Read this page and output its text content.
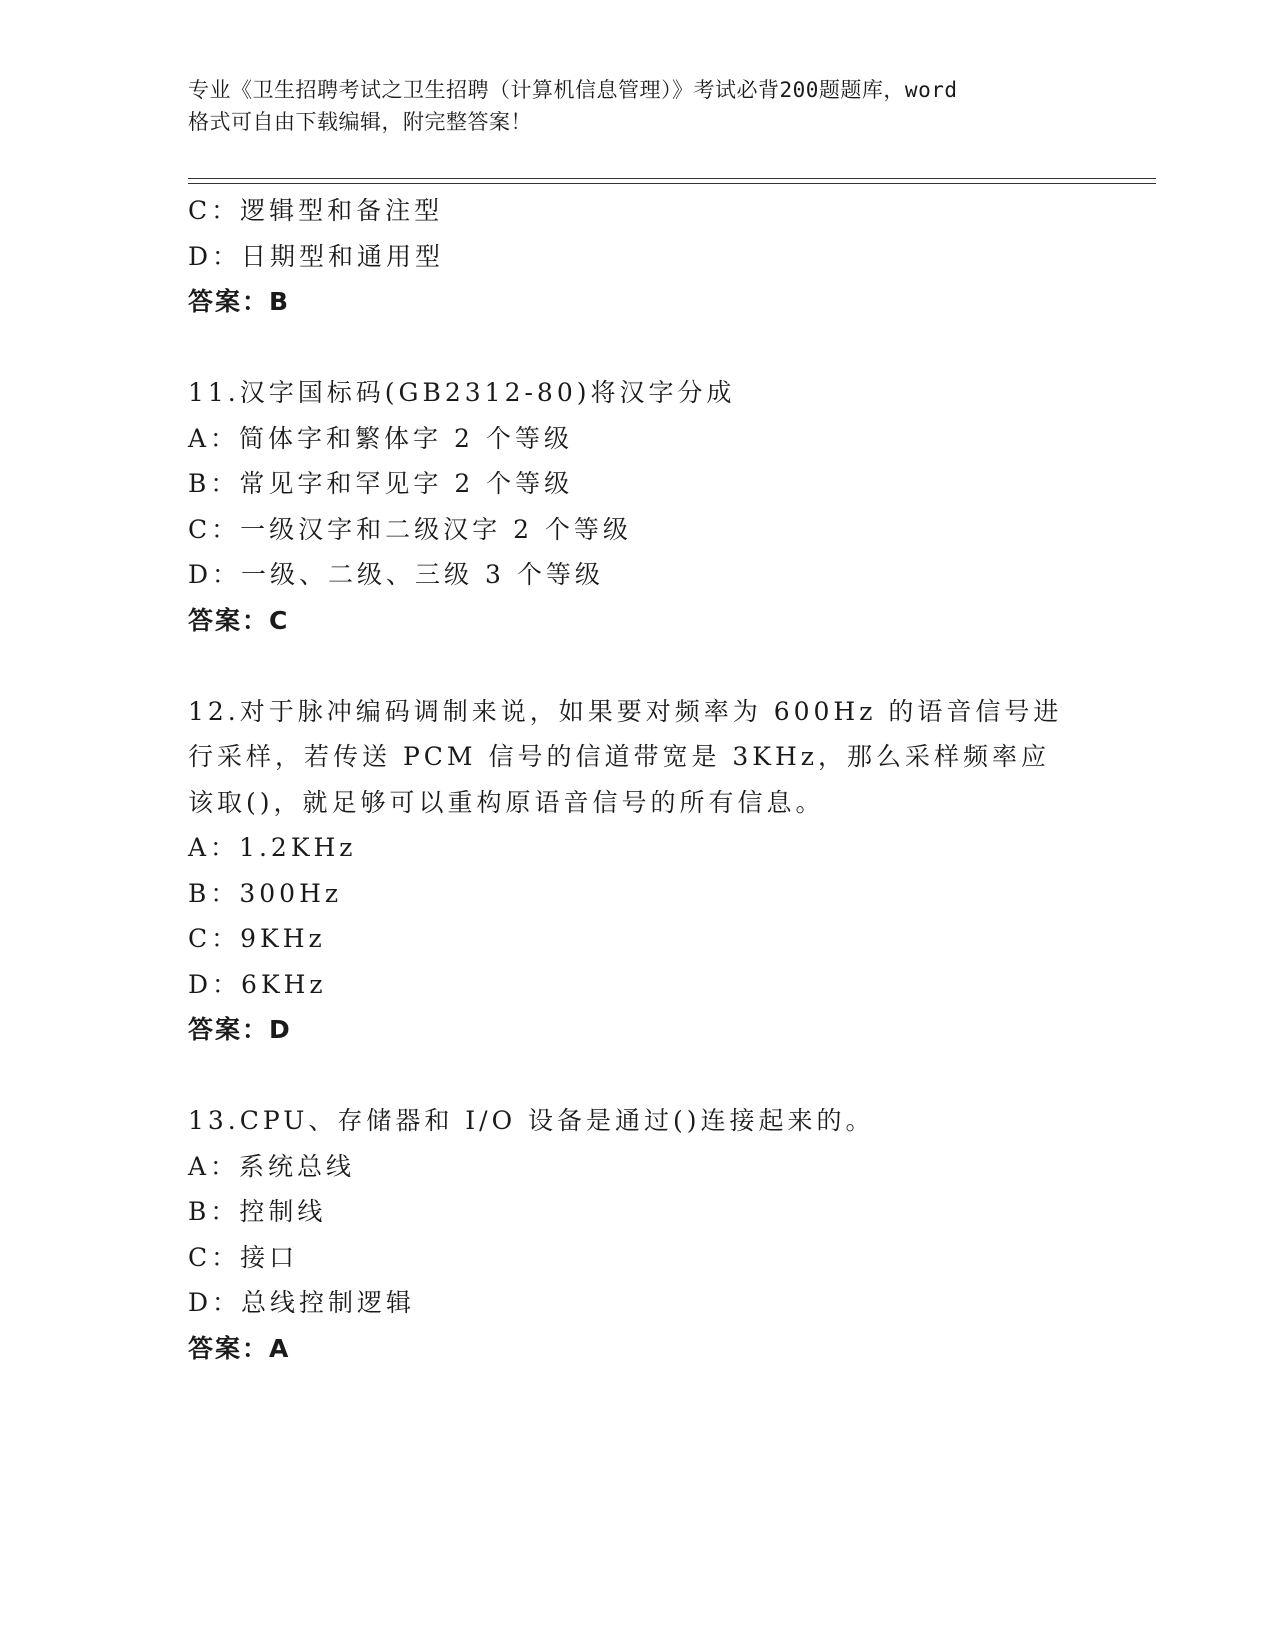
专业《卫生招聘考试之卫生招聘（计算机信息管理）》考试必背200题题库，word
格式可自由下载编辑，附完整答案！
C：逻辑型和备注型
D：日期型和通用型
答案：B
11.汉字国标码(GB2312-80)将汉字分成
A：简体字和繁体字 2 个等级
B：常见字和罕见字 2 个等级
C：一级汉字和二级汉字 2 个等级
D：一级、二级、三级 3 个等级
答案：C
12.对于脉冲编码调制来说，如果要对频率为 600Hz 的语音信号进行采样，若传送 PCM 信号的信道带宽是 3KHz，那么采样频率应该取()，就足够可以重构原语音信号的所有信息。
A：1.2KHz
B：300Hz
C：9KHz
D：6KHz
答案：D
13.CPU、存储器和 I/O 设备是通过()连接起来的。
A：系统总线
B：控制线
C：接口
D：总线控制逻辑
答案：A
